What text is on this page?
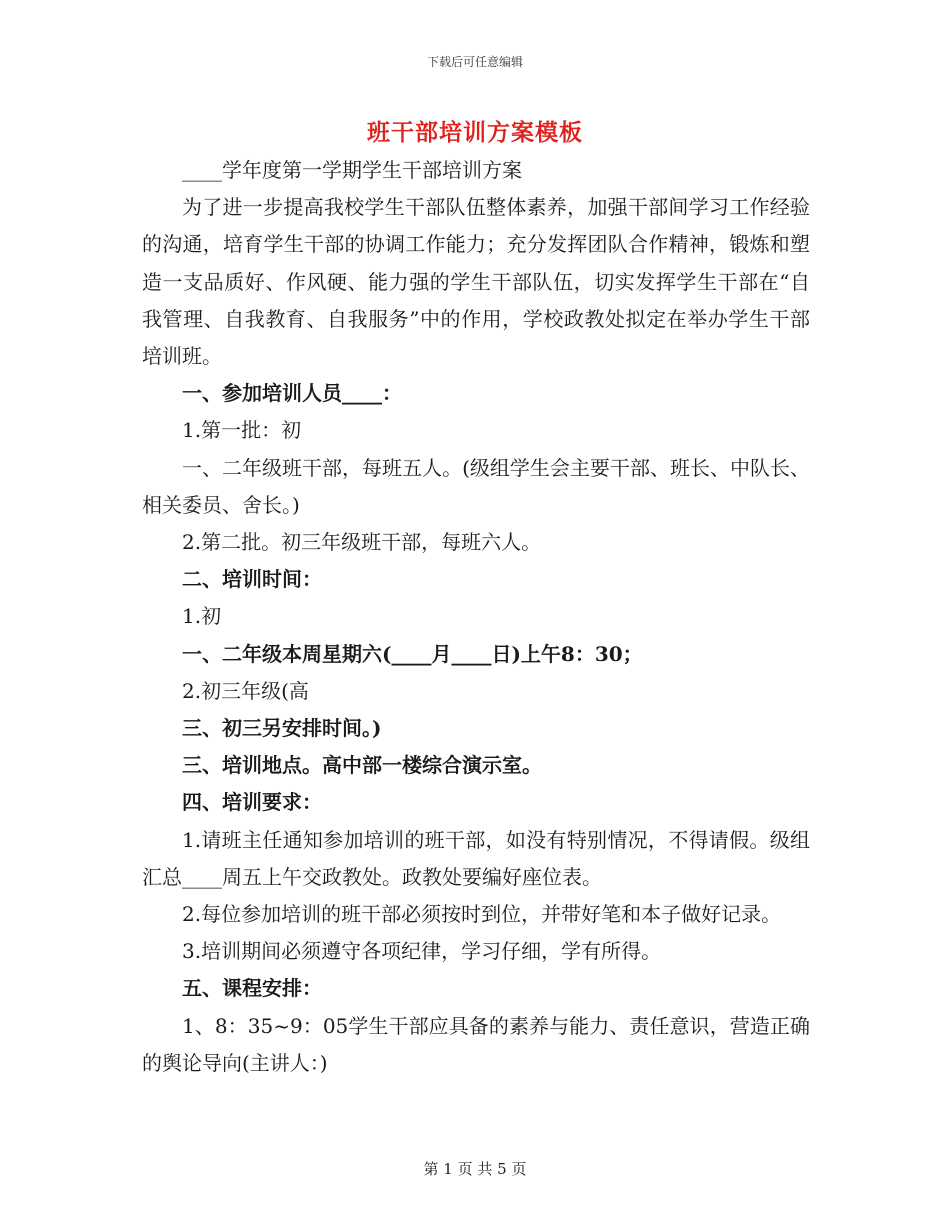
下载后可任意编辑
班干部培训方案模板

____学年度第一学期学生干部培训方案

为了进一步提高我校学生干部队伍整体素养，加强干部间学习工作经验的沟通，培育学生干部的协调工作能力；充分发挥团队合作精神，锻炼和塑造一支品质好、作风硬、能力强的学生干部队伍，切实发挥学生干部在“自我管理、自我教育、自我服务”中的作用，学校政教处拟定在举办学生干部培训班。

一、参加培训人员____：

1.第一批：初

一、二年级班干部，每班五人。(级组学生会主要干部、班长、中队长、相关委员、舍长。)

2.第二批。初三年级班干部，每班六人。

二、培训时间：

1.初

一、二年级本周星期六(____月____日)上午8：30；

2.初三年级(高

三、初三另安排时间。)

三、培训地点。高中部一楼综合演示室。

四、培训要求：

1.请班主任通知参加培训的班干部，如没有特别情况，不得请假。级组汇总____周五上午交政教处。政教处要编好座位表。

2.每位参加培训的班干部必须按时到位，并带好笔和本子做好记录。

3.培训期间必须遵守各项纪律，学习仔细，学有所得。

五、课程安排：

1、8：35~9：05学生干部应具备的素养与能力、责任意识，营造正确的舆论导向(主讲人：)

第 1 页 共 5 页
